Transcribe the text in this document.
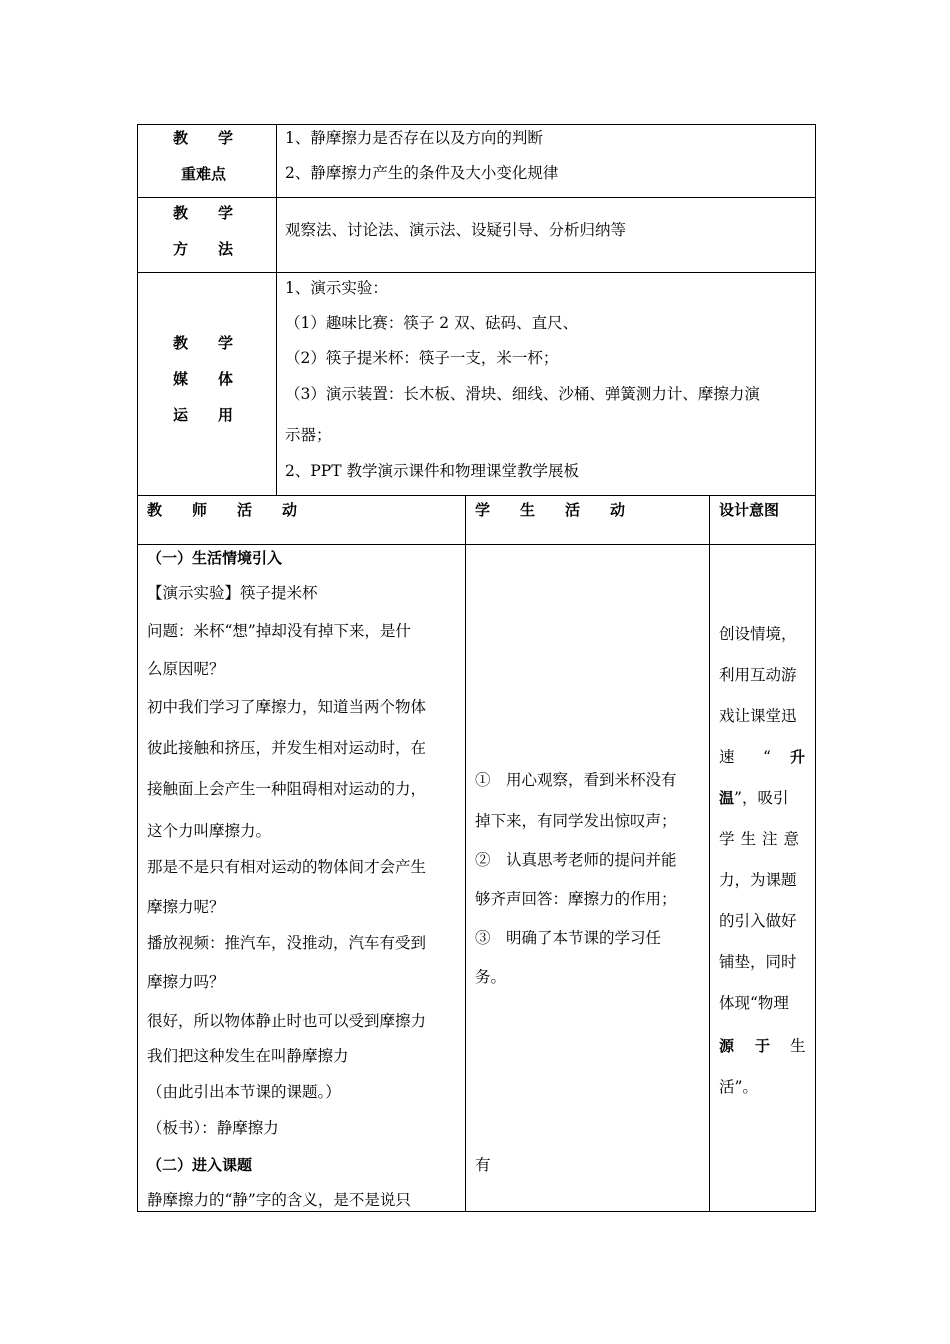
教　　学
重难点
1、静摩擦力是否存在以及方向的判断
2、静摩擦力产生的条件及大小变化规律
教　　学
方　　法
观察法、讨论法、演示法、设疑引导、分析归纳等
教　　学
媒　　体
运　　用
1、演示实验：
（1）趣味比赛：筷子 2 双、砝码、直尺、
（2）筷子提米杯：筷子一支，米一杯；
（3）演示装置：长木板、滑块、细线、沙桶、弹簧测力计、摩擦力演
示器；
2、PPT 教学演示课件和物理课堂教学展板
教　　师　　活　　动	学　　生　　活　　动	设计意图
（一）生活情境引入
【演示实验】筷子提米杯
问题：米杯“想”掉却没有掉下来，是什
么原因呢？
初中我们学习了摩擦力，知道当两个物体
彼此接触和挤压，并发生相对运动时，在
接触面上会产生一种阻碍相对运动的力，
这个力叫摩擦力。
那是不是只有相对运动的物体间才会产生
摩擦力呢？
播放视频：推汽车，没推动，汽车有受到
摩擦力吗？
很好，所以物体静止时也可以受到摩擦力
我们把这种发生在叫静摩擦力
（由此引出本节课的课题。）
（板书）：静摩擦力
（二）进入课题
静摩擦力的“静”字的含义，是不是说只
①　用心观察，看到米杯没有
掉下来，有同学发出惊叹声；
②　认真思考老师的提问并能
够齐声回答：摩擦力的作用；
③　明确了本节课的学习任
务。
有
创设情境，
利用互动游
戏让课堂迅
速 “ 升
温”，吸引
学生注意
力，为课题
的引入做好
铺垫，同时
体现“物理
源 于 生
活”。
